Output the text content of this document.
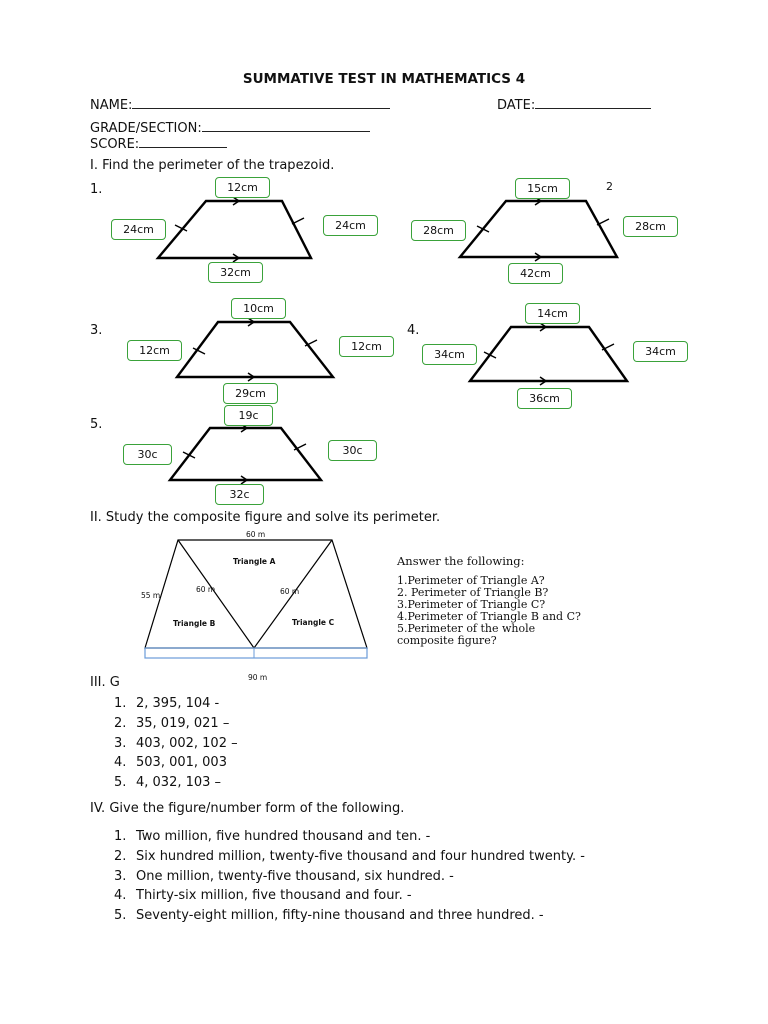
SUMMATIVE TEST IN MATHEMATICS 4
NAME:	DATE:
GRADE/SECTION:
SCORE:
I. Find the perimeter of the trapezoid.
1.	2
3.	4.
5.
12cm
24cm	24cm
32cm
15cm
28cm	28cm
42cm
10cm
12cm	12cm
29cm
14cm
34cm	34cm
36cm
19c
30c	30c
32c
II. Study the composite figure and solve its perimeter.
60 m
55 m
60 m	60 m
90 m
Triangle A
Triangle B	Triangle C
Answer the following:
1.Perimeter of Triangle A?
2. Perimeter of Triangle B?
3.Perimeter of Triangle C?
4.Perimeter of Triangle B and C?
5.Perimeter of the whole
composite figure?
III. G
1. 2, 395, 104 -
2. 35, 019, 021 –
3. 403, 002, 102 –
4. 503, 001, 003
5. 4, 032, 103 –
IV. Give the figure/number form of the following.
1. Two million, five hundred thousand and ten. -
2. Six hundred million, twenty-five thousand and four hundred twenty. -
3. One million, twenty-five thousand, six hundred. -
4. Thirty-six million, five thousand and four. -
5. Seventy-eight million, fifty-nine thousand and three hundred. -
